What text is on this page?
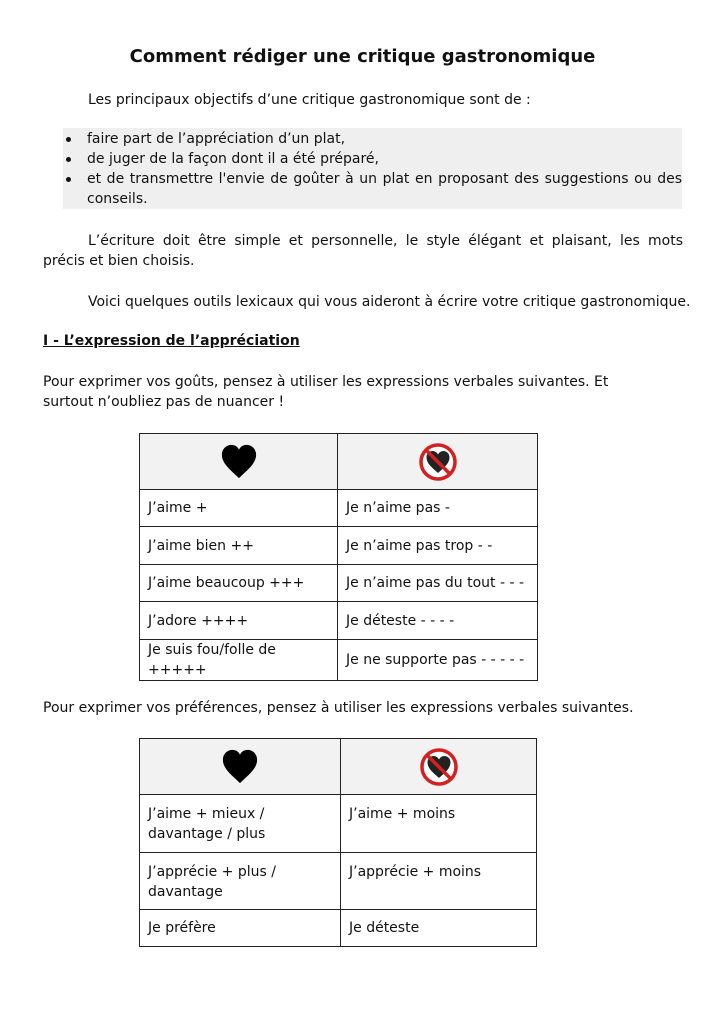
Comment rédiger une critique gastronomique
Les principaux objectifs d’une critique gastronomique sont de :
faire part de l’appréciation d’un plat,
de juger de la façon dont il a été préparé,
et de transmettre l'envie de goûter à un plat en proposant des suggestions ou des conseils.
L’écriture doit être simple et personnelle, le style élégant et plaisant, les mots précis et bien choisis.
Voici quelques outils lexicaux qui vous aideront à écrire votre critique gastronomique.
I - L’expression de l’appréciation
Pour exprimer vos goûts, pensez à utiliser les expressions verbales suivantes. Et surtout n’oubliez pas de nuancer !

J’aime +	Je n’aime pas -
J’aime bien ++	Je n’aime pas trop - -
J’aime beaucoup +++	Je n’aime pas du tout - - -
J’adore ++++	Je déteste - - - -
Je suis fou/folle de +++++	Je ne supporte pas - - - - -
Pour exprimer vos préférences, pensez à utiliser les expressions verbales suivantes.

J’aime + mieux / davantage / plus	J’aime + moins
J’apprécie + plus / davantage	J’apprécie + moins
Je préfère	Je déteste
